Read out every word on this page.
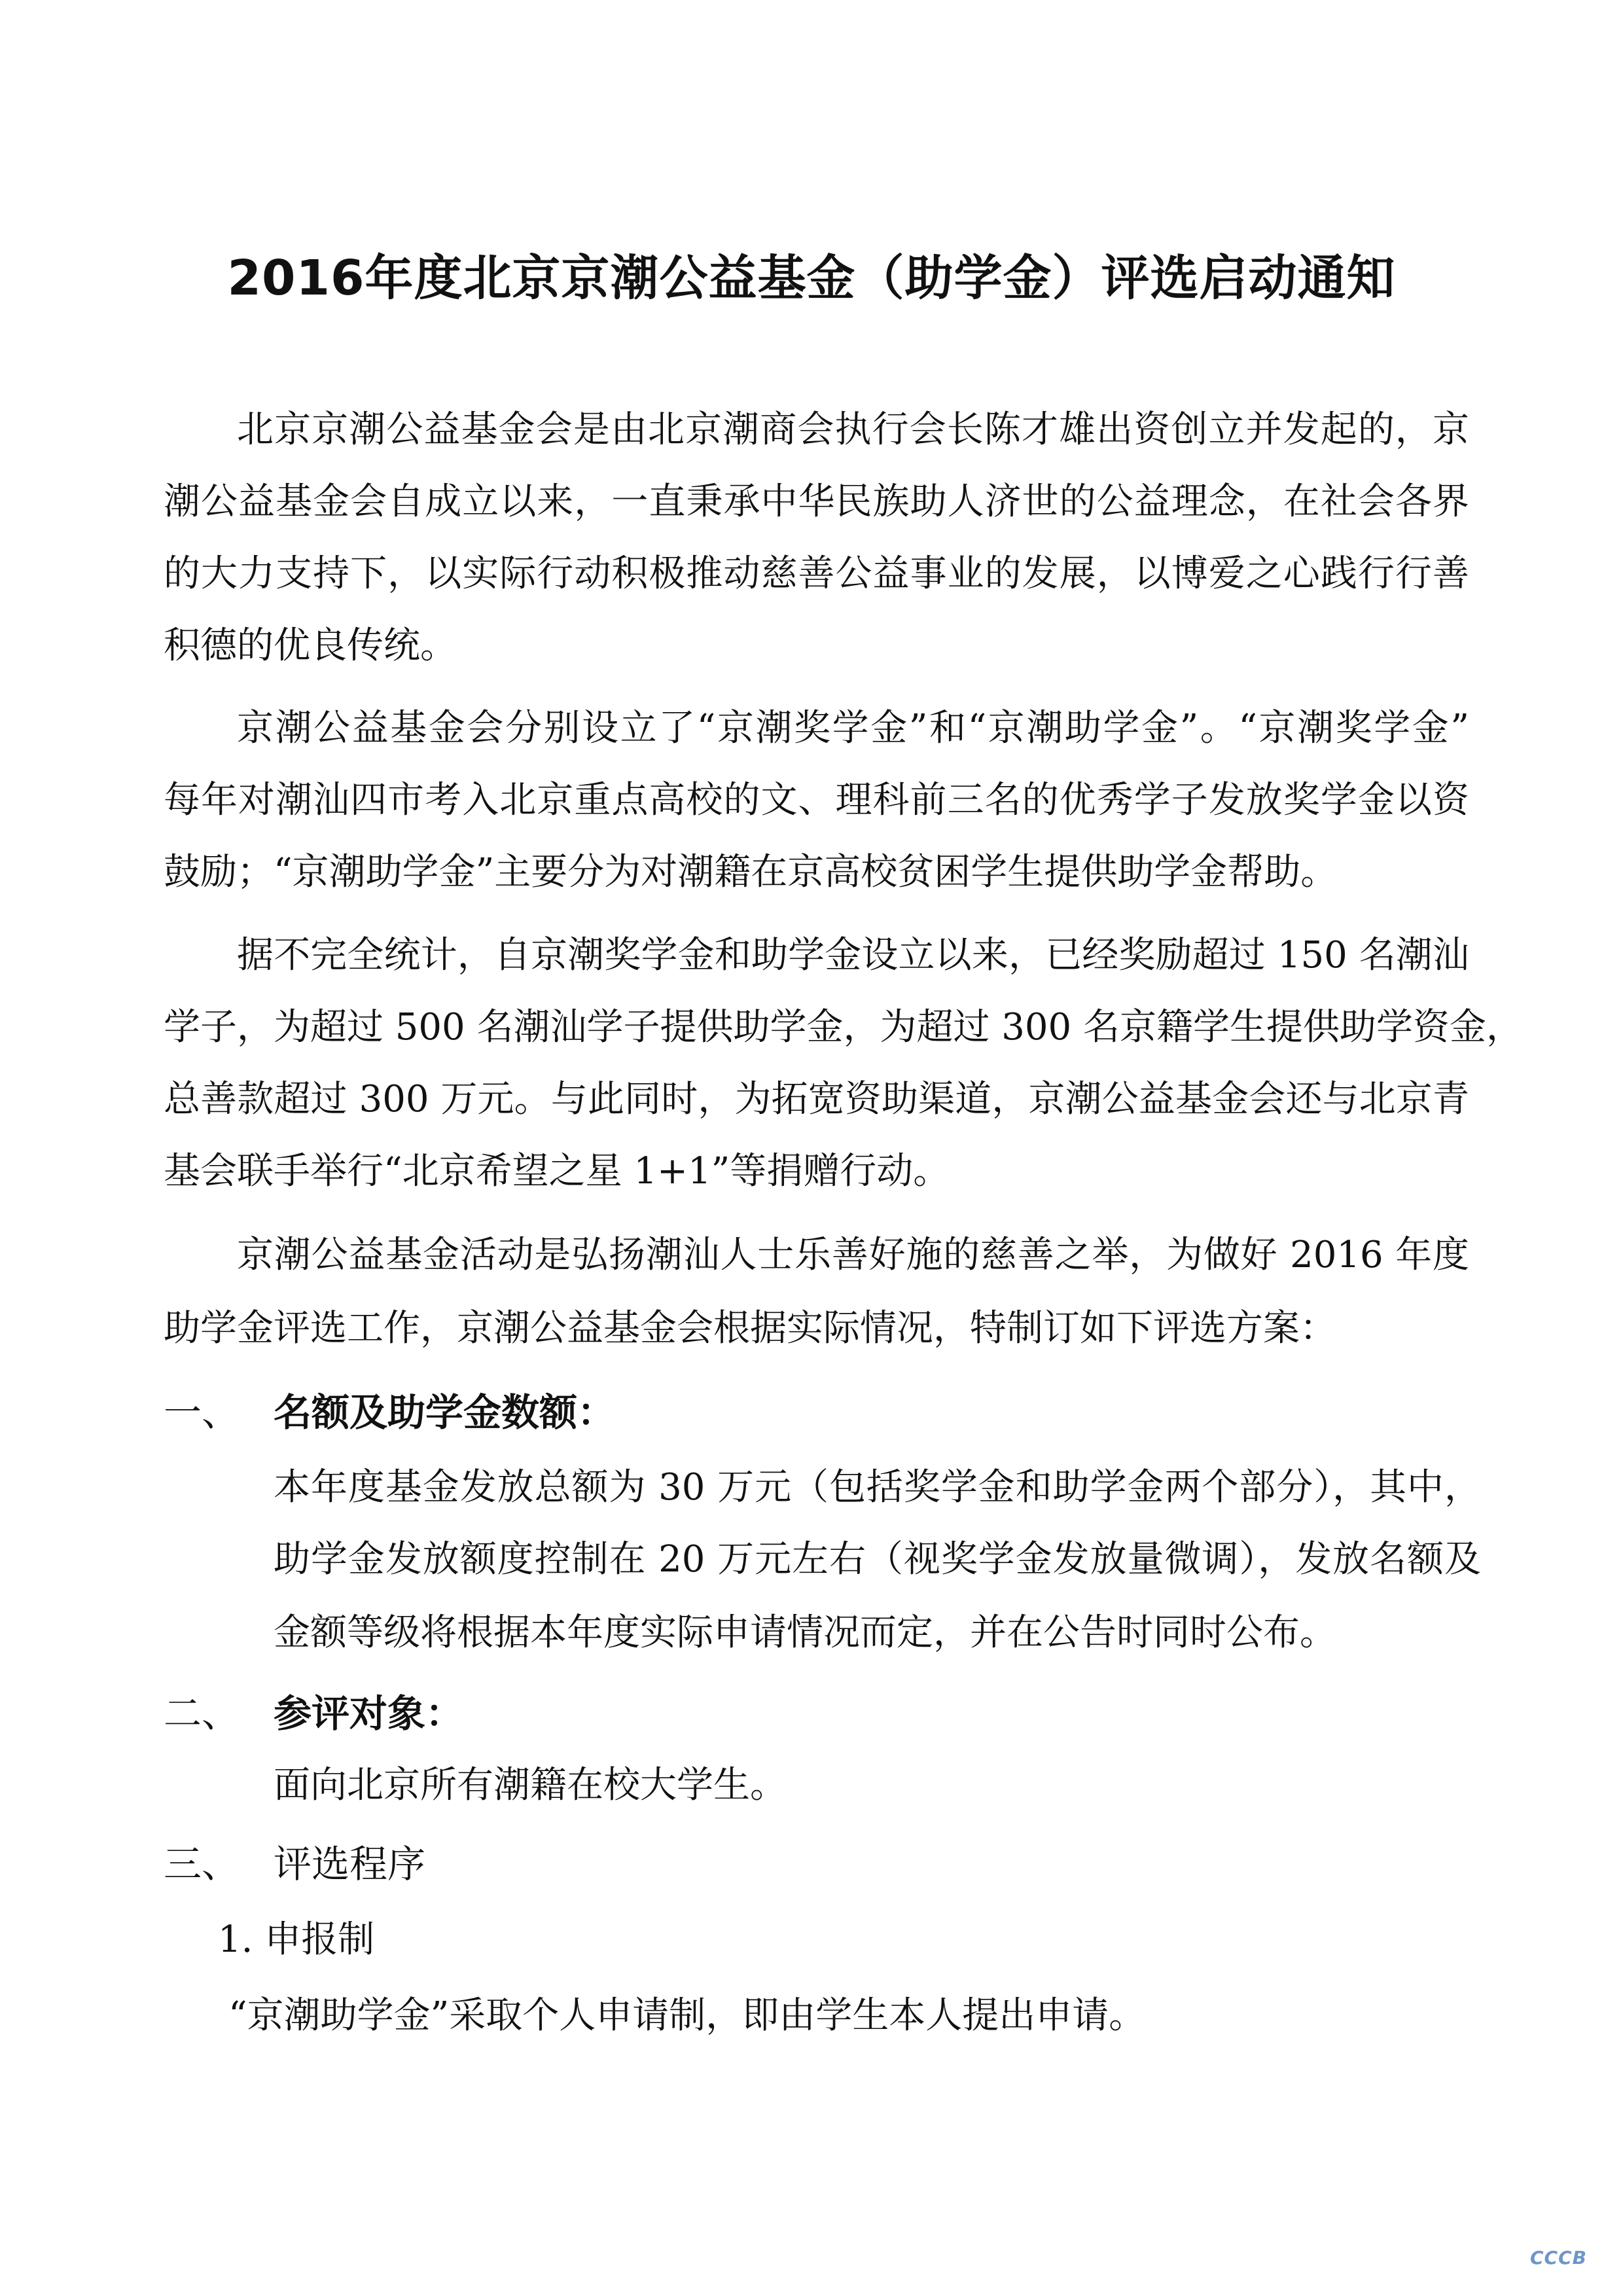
2016年度北京京潮公益基金（助学金）评选启动通知
北京京潮公益基金会是由北京潮商会执行会长陈才雄出资创立并发起的，京
潮公益基金会自成立以来，一直秉承中华民族助人济世的公益理念，在社会各界
的大力支持下，以实际行动积极推动慈善公益事业的发展，以博爱之心践行行善
积德的优良传统。
京潮公益基金会分别设立了“京潮奖学金”和“京潮助学金”。“京潮奖学金”
每年对潮汕四市考入北京重点高校的文、理科前三名的优秀学子发放奖学金以资
鼓励；“京潮助学金”主要分为对潮籍在京高校贫困学生提供助学金帮助。
据不完全统计，自京潮奖学金和助学金设立以来，已经奖励超过 150 名潮汕
学子，为超过 500 名潮汕学子提供助学金，为超过 300 名京籍学生提供助学资金，
总善款超过 300 万元。与此同时，为拓宽资助渠道，京潮公益基金会还与北京青
基会联手举行“北京希望之星 1+1”等捐赠行动。
京潮公益基金活动是弘扬潮汕人士乐善好施的慈善之举，为做好 2016 年度
助学金评选工作，京潮公益基金会根据实际情况，特制订如下评选方案：
一、 名额及助学金数额：
本年度基金发放总额为 30 万元（包括奖学金和助学金两个部分），其中，
助学金发放额度控制在 20 万元左右（视奖学金发放量微调），发放名额及
金额等级将根据本年度实际申请情况而定，并在公告时同时公布。
二、 参评对象：
面向北京所有潮籍在校大学生。
三、 评选程序
1. 申报制
“京潮助学金”采取个人申请制，即由学生本人提出申请。
CCCB
